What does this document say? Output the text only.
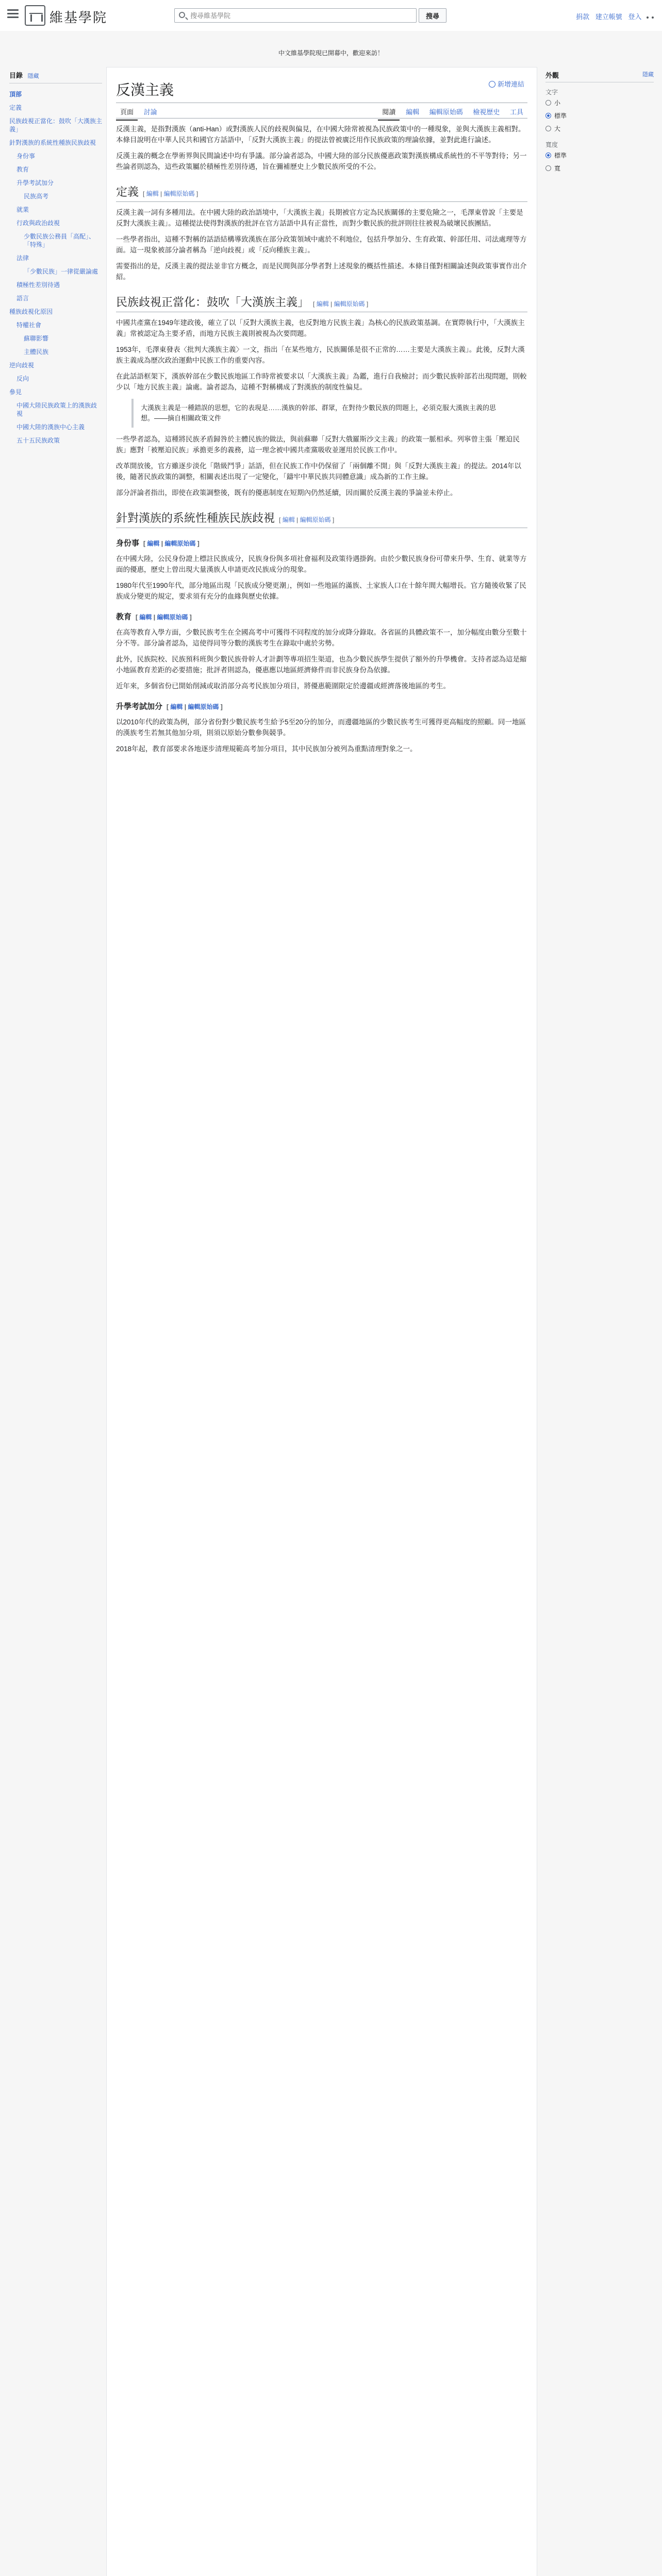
維基學院
搜尋維基學院	搜尋	捐款 建立帳號 登入
中文維基學院現已開幕中，歡迎來訪！
目錄 隱藏
頂部
定義
民族歧視正當化：鼓吹「大漢族主義」
針對漢族的系統性種族民族歧視
身份事
教育
升學考試加分
民族高考
就業
行政與政治歧視
少數民族公務員「高配」、「特殊」
法律
「少數民族」一律從嚴論處
積極性差別待遇
語言
種族歧視化原因
特權社會
蘇聯影響
主體民族
逆向歧視
反向
參見
中國大陸民族政策上的漢族歧視
中國大陸的漢族中心主義
五十五民族政策
反漢主義	新增連結
頁面 討論	閱讀 編輯 編輯原始碼 檢視歷史 工具

反漢主義，是指對漢族（anti-Han）或對漢族人民的歧視與偏見，在中國大陸常被視為民族政策中的一種現象，並與大漢族主義相對。本條目說明在中華人民共和國官方話語中，「反對大漢族主義」的提法曾被廣泛用作民族政策的理論依據，並對此進行論述。

反漢主義的概念在學術界與民間論述中均有爭議。部分論者認為，中國大陸的部分民族優惠政策對漢族構成系統性的不平等對待；另一些論者則認為，這些政策屬於積極性差別待遇，旨在彌補歷史上少數民族所受的不公。

定義 [ 編輯 | 編輯原始碼 ]

反漢主義一詞有多種用法。在中國大陸的政治語境中，「大漢族主義」長期被官方定為民族關係的主要危險之一，毛澤東曾說「主要是反對大漢族主義」。這種提法使得對漢族的批評在官方話語中具有正當性，而對少數民族的批評則往往被視為破壞民族團結。

一些學者指出，這種不對稱的話語結構導致漢族在部分政策領域中處於不利地位，包括升學加分、生育政策、幹部任用、司法處理等方面。這一現象被部分論者稱為「逆向歧視」或「反向種族主義」。

需要指出的是，反漢主義的提法並非官方概念，而是民間與部分學者對上述現象的概括性描述。本條目僅對相關論述與政策事實作出介紹。

民族歧視正當化：鼓吹「大漢族主義」 [ 編輯 | 編輯原始碼 ]

中國共產黨在1949年建政後，確立了以「反對大漢族主義，也反對地方民族主義」為核心的民族政策基調。在實際執行中，「大漢族主義」常被認定為主要矛盾，而地方民族主義則被視為次要問題。

1953年，毛澤東發表〈批判大漢族主義〉一文，指出「在某些地方，民族關係是很不正常的……主要是大漢族主義」。此後，反對大漢族主義成為歷次政治運動中民族工作的重要內容。

在此話語框架下，漢族幹部在少數民族地區工作時常被要求以「大漢族主義」為鑑，進行自我檢討；而少數民族幹部若出現問題，則較少以「地方民族主義」論處。論者認為，這種不對稱構成了對漢族的制度性偏見。

大漢族主義是一種錯誤的思想，它的表現是……漢族的幹部、群眾，在對待少數民族的問題上，必須克服大漢族主義的思想。——摘自相關政策文件

一些學者認為，這種將民族矛盾歸咎於主體民族的做法，與前蘇聯「反對大俄羅斯沙文主義」的政策一脈相承。列寧曾主張「壓迫民族」應對「被壓迫民族」承擔更多的義務，這一理念被中國共產黨吸收並運用於民族工作中。

改革開放後，官方雖逐步淡化「階級鬥爭」話語，但在民族工作中仍保留了「兩個離不開」與「反對大漢族主義」的提法。2014年以後，隨著民族政策的調整，相關表述出現了一定變化，「鑄牢中華民族共同體意識」成為新的工作主線。

部分評論者指出，即使在政策調整後，既有的優惠制度在短期內仍然延續，因而關於反漢主義的爭論並未停止。

針對漢族的系統性種族民族歧視 [ 編輯 | 編輯原始碼 ]
身份事 [ 編輯 | 編輯原始碼 ]

在中國大陸，公民身份證上標註民族成分，民族身份與多項社會福利及政策待遇掛鉤。由於少數民族身份可帶來升學、生育、就業等方面的優惠，歷史上曾出現大量漢族人申請更改民族成分的現象。

1980年代至1990年代，部分地區出現「民族成分變更潮」，例如一些地區的滿族、土家族人口在十餘年間大幅增長。官方隨後收緊了民族成分變更的規定，要求須有充分的血緣與歷史依據。

教育 [ 編輯 | 編輯原始碼 ]

在高等教育入學方面，少數民族考生在全國高考中可獲得不同程度的加分或降分錄取。各省區的具體政策不一，加分幅度由數分至數十分不等。部分論者認為，這使得同等分數的漢族考生在錄取中處於劣勢。

此外，民族院校、民族預科班與少數民族骨幹人才計劃等專項招生渠道，也為少數民族學生提供了額外的升學機會。支持者認為這是縮小地區教育差距的必要措施；批評者則認為，優惠應以地區經濟條件而非民族身份為依據。

近年來，多個省份已開始削減或取消部分高考民族加分項目，將優惠範圍限定於邊疆或經濟落後地區的考生。

升學考試加分 [ 編輯 | 編輯原始碼 ]

以2010年代的政策為例，部分省份對少數民族考生給予5至20分的加分，而邊疆地區的少數民族考生可獲得更高幅度的照顧。同一地區的漢族考生若無其他加分項，則須以原始分數參與競爭。

2018年起，教育部要求各地逐步清理規範高考加分項目，其中民族加分被列為重點清理對象之一。

外觀	隱藏
文字
小
標準
大
寬度
標準
寬
